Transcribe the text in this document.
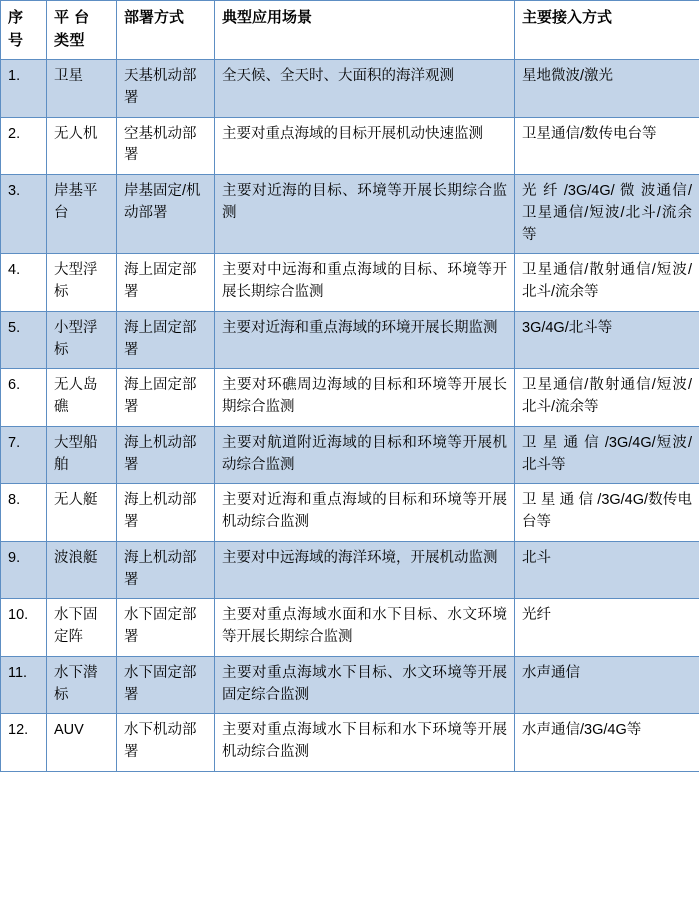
序 号	平 台 类型	部署方式	典型应用场景	主要接入方式
1.	卫星	天基机动部署	全天候、全天时、大面积的海洋观测	星地微波/激光
2.	无人机	空基机动部署	主要对重点海域的目标开展机动快速监测	卫星通信/数传电台等
3.	岸基平台	岸基固定/机动部署	主要对近海的目标、环境等开展长期综合监测	光 纤 /3G/4G/ 微 波通信/卫星通信/短波/北斗/流余等
4.	大型浮标	海上固定部署	主要对中远海和重点海域的目标、环境等开展长期综合监测	卫星通信/散射通信/短波/北斗/流余等
5.	小型浮标	海上固定部署	主要对近海和重点海域的环境开展长期监测	3G/4G/北斗等
6.	无人岛礁	海上固定部署	主要对环礁周边海域的目标和环境等开展长期综合监测	卫星通信/散射通信/短波/北斗/流余等
7.	大型船舶	海上机动部署	主要对航道附近海域的目标和环境等开展机动综合监测	卫 星 通 信 /3G/4G/短波/北斗等
8.	无人艇	海上机动部署	主要对近海和重点海域的目标和环境等开展机动综合监测	卫 星 通 信 /3G/4G/数传电台等
9.	波浪艇	海上机动部署	主要对中远海域的海洋环境，开展机动监测	北斗
10.	水下固定阵	水下固定部署	主要对重点海域水面和水下目标、水文环境等开展长期综合监测	光纤
11.	水下潜标	水下固定部署	主要对重点海域水下目标、水文环境等开展固定综合监测	水声通信
12.	AUV	水下机动部署	主要对重点海域水下目标和水下环境等开展机动综合监测	水声通信/3G/4G等
